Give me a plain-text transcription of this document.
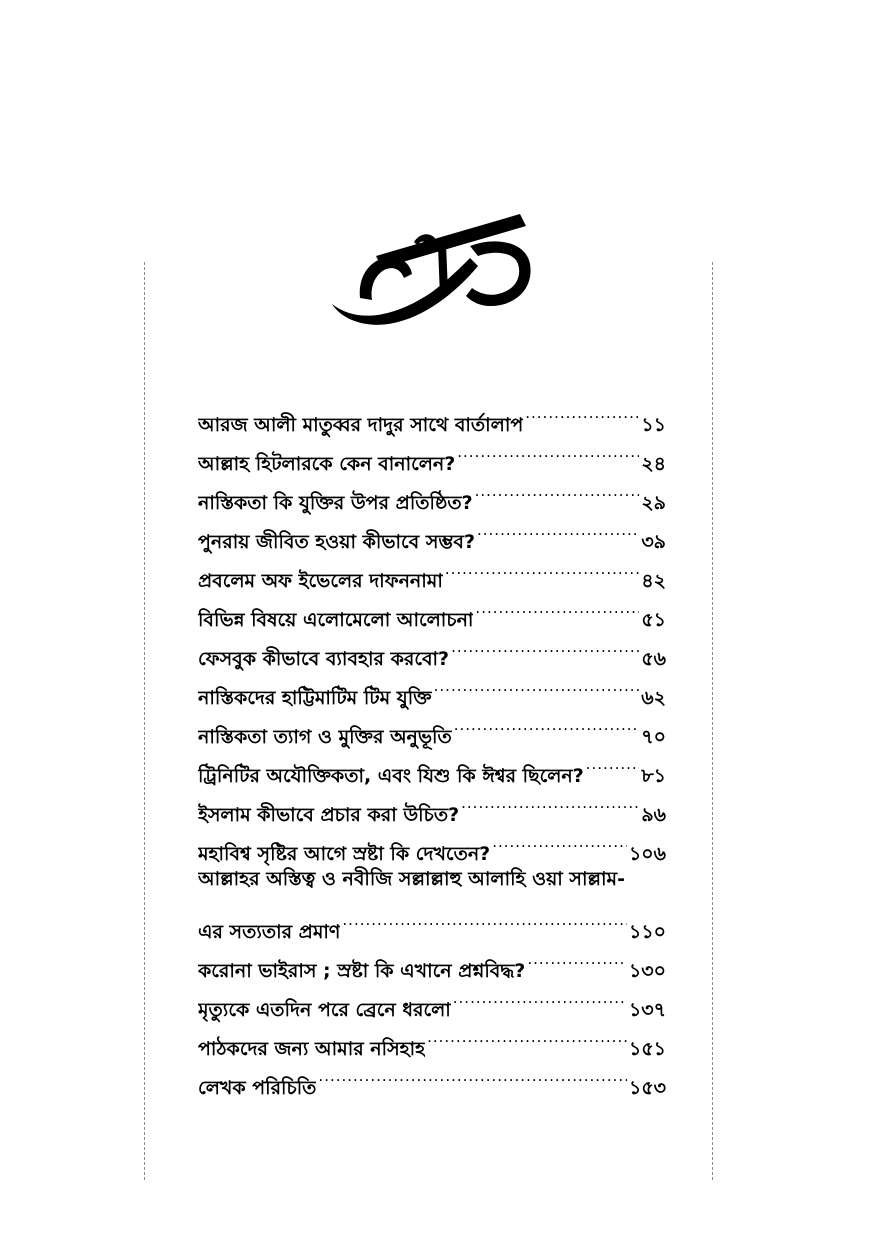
আরজ আলী মাতুব্বর দাদুর সাথে বার্তালাপ .....	১১
আল্লাহ হিটলারকে কেন বানালেন? .....	২৪
নাস্তিকতা কি যুক্তির উপর প্রতিষ্ঠিত? .....	২৯
পুনরায় জীবিত হওয়া কীভাবে সম্ভব? .....	৩৯
প্রবলেম অফ ইভেলের দাফননামা .....	৪২
বিভিন্ন বিষয়ে এলোমেলো আলোচনা .....	৫১
ফেসবুক কীভাবে ব্যাবহার করবো? .....	৫৬
নাস্তিকদের হাট্টিমাটিম টিম যুক্তি .....	৬২
নাস্তিকতা ত্যাগ ও মুক্তির অনুভূতি .....	৭০
ট্রিনিটির অযৌক্তিকতা, এবং যিশু কি ঈশ্বর ছিলেন? .....	৮১
ইসলাম কীভাবে প্রচার করা উচিত? .....	৯৬
মহাবিশ্ব সৃষ্টির আগে স্রষ্টা কি দেখতেন? .....	১০৬
আল্লাহর অস্তিত্ব ও নবীজি সল্লাল্লাহু আলাহি ওয়া সাল্লাম-
এর সত্যতার প্রমাণ .....	১১০
করোনা ভাইরাস ; স্রষ্টা কি এখানে প্রশ্নবিদ্ধ? .....	১৩০
মৃত্যুকে এতদিন পরে ব্রেনে ধরলো .....	১৩৭
পাঠকদের জন্য আমার নসিহাহ .....	১৫১
লেখক পরিচিতি .....	১৫৩
